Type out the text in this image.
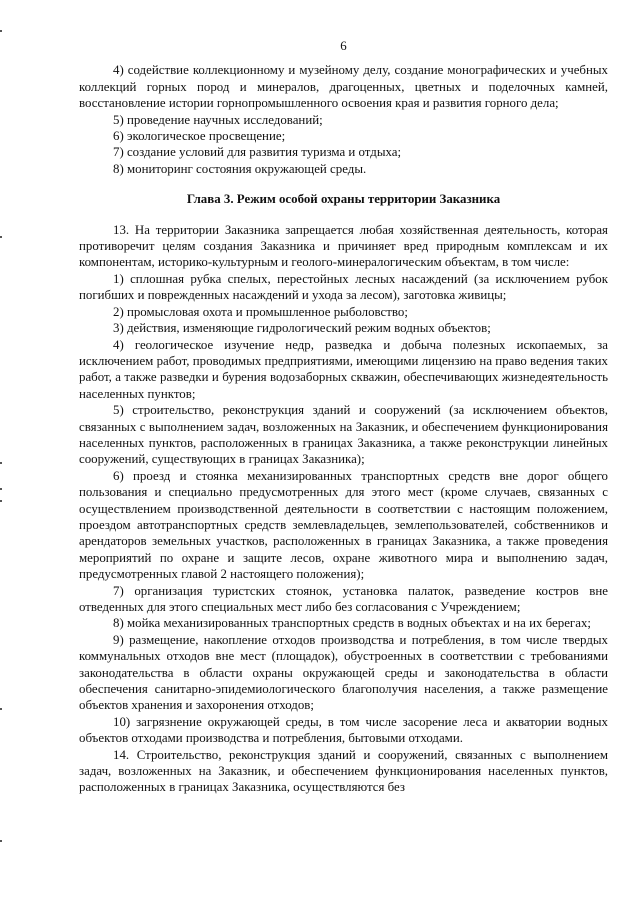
6

4) содействие коллекционному и музейному делу, создание монографических и учебных коллекций горных пород и минералов, драгоценных, цветных и поделочных камней, восстановление истории горнопромышленного освоения края и развития горного дела;

5) проведение научных исследований;

6) экологическое просвещение;

7) создание условий для развития туризма и отдыха;

8) мониторинг состояния окружающей среды.

Глава 3. Режим особой охраны территории Заказника

13. На территории Заказника запрещается любая хозяйственная деятельность, которая противоречит целям создания Заказника и причиняет вред природным комплексам и их компонентам, историко-культурным и геолого-минералогическим объектам, в том числе:

1) сплошная рубка спелых, перестойных лесных насаждений (за исключением рубок погибших и поврежденных насаждений и ухода за лесом), заготовка живицы;

2) промысловая охота и промышленное рыболовство;

3) действия, изменяющие гидрологический режим водных объектов;

4) геологическое изучение недр, разведка и добыча полезных ископаемых, за исключением работ, проводимых предприятиями, имеющими лицензию на право ведения таких работ, а также разведки и бурения водозаборных скважин, обеспечивающих жизнедеятельность населенных пунктов;

5) строительство, реконструкция зданий и сооружений (за исключением объектов, связанных с выполнением задач, возложенных на Заказник, и обеспечением функционирования населенных пунктов, расположенных в границах Заказника, а также реконструкции линейных сооружений, существующих в границах Заказника);

6) проезд и стоянка механизированных транспортных средств вне дорог общего пользования и специально предусмотренных для этого мест (кроме случаев, связанных с осуществлением производственной деятельности в соответствии с настоящим положением, проездом автотранспортных средств землевладельцев, землепользователей, собственников и арендаторов земельных участков, расположенных в границах Заказника, а также проведения мероприятий по охране и защите лесов, охране животного мира и выполнению задач, предусмотренных главой 2 настоящего положения);

7) организация туристских стоянок, установка палаток, разведение костров вне отведенных для этого специальных мест либо без согласования с Учреждением;

8) мойка механизированных транспортных средств в водных объектах и на их берегах;

9) размещение, накопление отходов производства и потребления, в том числе твердых коммунальных отходов вне мест (площадок), обустроенных в соответствии с требованиями законодательства в области охраны окружающей среды и законодательства в области обеспечения санитарно-эпидемиологического благополучия населения, а также размещение объектов хранения и захоронения отходов;

10) загрязнение окружающей среды, в том числе засорение леса и акватории водных объектов отходами производства и потребления, бытовыми отходами.

14. Строительство, реконструкция зданий и сооружений, связанных с выполнением задач, возложенных на Заказник, и обеспечением функционирования населенных пунктов, расположенных в границах Заказника, осуществляются без
